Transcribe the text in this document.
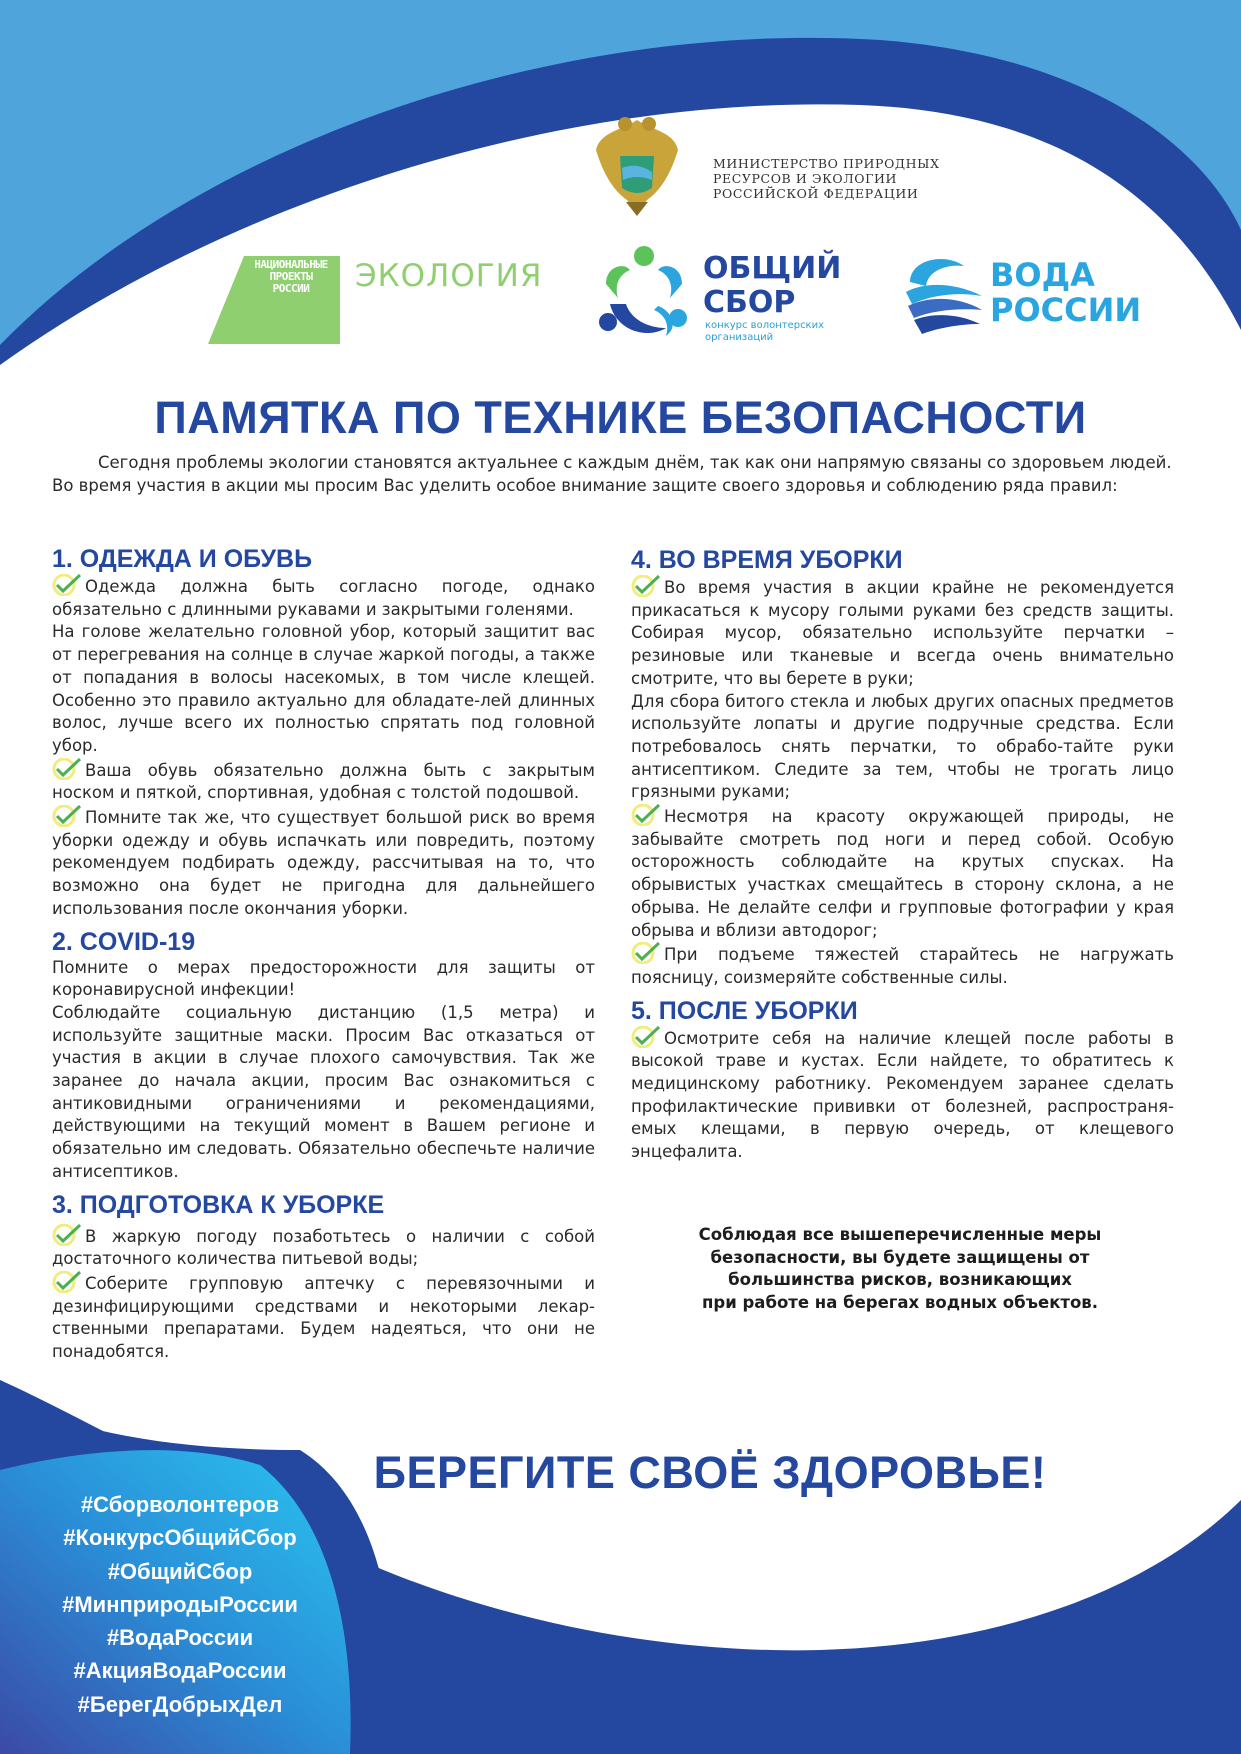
МИНИСТЕРСТВО ПРИРОДНЫХ
РЕСУРСОВ И ЭКОЛОГИИ
РОССИЙСКОЙ ФЕДЕРАЦИИ
НАЦИОНАЛЬНЫЕ
ПРОЕКТЫ
РОССИИ	ЭКОЛОГИЯ	ОБЩИЙ
СБОР
конкурс волонтерских
организаций
ВОДА
РОССИИ
ПАМЯТКА ПО ТЕХНИКЕ БЕЗОПАСНОСТИ
Сегодня проблемы экологии становятся актуальнее с каждым днём, так как они напрямую связаны со здоровьем людей. Во время участия в акции мы просим Вас уделить особое внимание защите своего здоровья и соблюдению ряда правил:
1. ОДЕЖДА И ОБУВЬ

Одежда должна быть согласно погоде, однако обязательно с длинными рукавами и закрытыми голенями.

На голове желательно головной убор, который защитит вас от перегревания на солнце в случае жаркой погоды, а также от попадания в волосы насекомых, в том числе клещей. Особенно это правило актуально для обладате-лей длинных волос, лучше всего их полностью спрятать под головной убор.

Ваша обувь обязательно должна быть с закрытым носком и пяткой, спортивная, удобная с толстой подошвой.

Помните так же, что существует большой риск во время уборки одежду и обувь испачкать или повредить, поэтому рекомендуем подбирать одежду, рассчитывая на то, что возможно она будет не пригодна для дальнейшего использования после окончания уборки.

2. COVID-19

Помните о мерах предосторожности для защиты от коронавирусной инфекции!

Соблюдайте социальную дистанцию (1,5 метра) и используйте защитные маски. Просим Вас отказаться от участия в акции в случае плохого самочувствия. Так же заранее до начала акции, просим Вас ознакомиться с антиковидными ограничениями и рекомендациями, действующими на текущий момент в Вашем регионе и обязательно им следовать. Обязательно обеспечьте наличие антисептиков.

3. ПОДГОТОВКА К УБОРКЕ

В жаркую погоду позаботьтесь о наличии с собой достаточного количества питьевой воды;

Соберите групповую аптечку с перевязочными и дезинфицирующими средствами и некоторыми лекар-ственными препаратами. Будем надеяться, что они не понадобятся.

4. ВО ВРЕМЯ УБОРКИ

Во время участия в акции крайне не рекомендуется прикасаться к мусору голыми руками без средств защиты. Собирая мусор, обязательно используйте перчатки – резиновые или тканевые и всегда очень внимательно смотрите, что вы берете в руки;

Для сбора битого стекла и любых других опасных предметов используйте лопаты и другие подручные средства. Если потребовалось снять перчатки, то обрабо-тайте руки антисептиком. Следите за тем, чтобы не трогать лицо грязными руками;

Несмотря на красоту окружающей природы, не забывайте смотреть под ноги и перед собой. Особую осторожность соблюдайте на крутых спусках. На обрывистых участках смещайтесь в сторону склона, а не обрыва. Не делайте селфи и групповые фотографии у края обрыва и вблизи автодорог;

При подъеме тяжестей старайтесь не нагружать поясницу, соизмеряйте собственные силы.

5. ПОСЛЕ УБОРКИ

Осмотрите себя на наличие клещей после работы в высокой траве и кустах. Если найдете, то обратитесь к медицинскому работнику. Рекомендуем заранее сделать профилактические прививки от болезней, распространя-емых клещами, в первую очередь, от клещевого энцефалита.

Соблюдая все вышеперечисленные меры
безопасности, вы будете защищены от
большинства рисков, возникающих
при работе на берегах водных объектов.
БЕРЕГИТЕ СВОЁ ЗДОРОВЬЕ!
#Сборволонтеров
#КонкурсОбщийСбор
#ОбщийСбор
#МинприродыРоссии
#ВодаРоссии
#АкцияВодаРоссии
#БерегДобрыхДел
